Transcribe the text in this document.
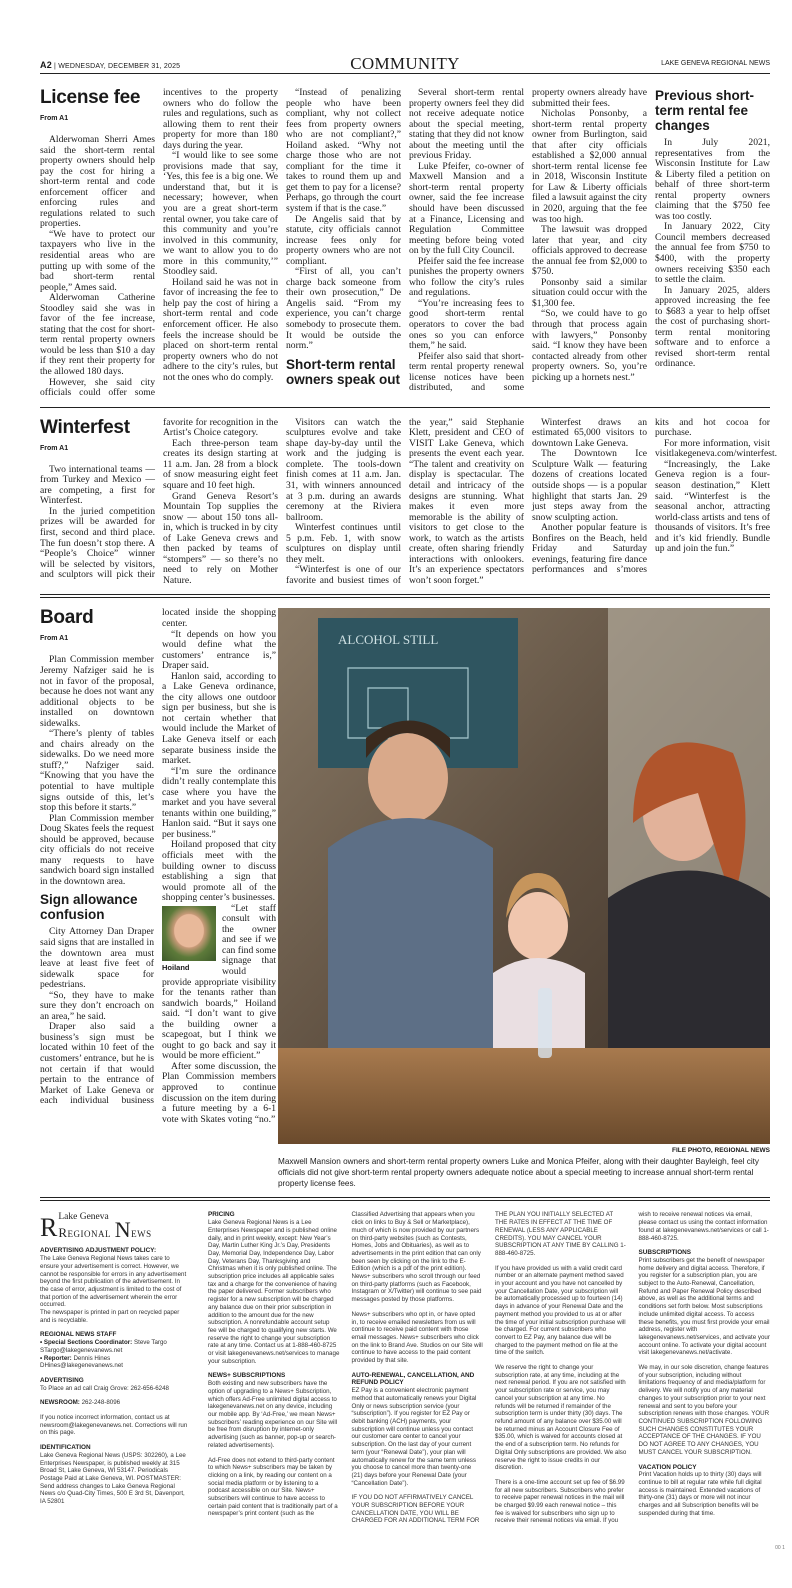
A2 | WEDNESDAY, DECEMBER 31, 2025	COMMUNITY	LAKE GENEVA REGIONAL NEWS
License fee
From A1

Alderwoman Sherri Ames said the short-term rental property owners should help pay the cost for hiring a short-term rental and code enforcement officer and enforcing rules and regulations related to such properties.

“We have to protect our taxpayers who live in the residential areas who are putting up with some of the bad short-term rental people,” Ames said.

Alderwoman Catherine Stoodley said she was in favor of the fee increase, stating that the cost for short-term rental property owners would be less than $10 a day if they rent their property for the allowed 180 days.

However, she said city officials could offer some incentives to the property owners who do follow the rules and regulations, such as allowing them to rent their property for more than 180 days during the year.

“I would like to see some provisions made that say, ‘Yes, this fee is a big one. We understand that, but it is necessary; however, when you are a great short-term rental owner, you take care of this community and you’re involved in this community, we want to allow you to do more in this community,’” Stoodley said.

Hoiland said he was not in favor of increasing the fee to help pay the cost of hiring a short-term rental and code enforcement officer. He also feels the increase should be placed on short-term rental property owners who do not adhere to the city’s rules, but not the ones who do comply.

“Instead of penalizing people who have been compliant, why not collect fees from property owners who are not compliant?,” Hoiland asked. “Why not charge those who are not compliant for the time it takes to round them up and get them to pay for a license? Perhaps, go through the court system if that is the case.”

De Angelis said that by statute, city officials cannot increase fees only for property owners who are not compliant.

“First of all, you can’t charge back someone from their own prosecution,” De Angelis said. “From my experience, you can’t charge somebody to prosecute them. It would be outside the norm.”

Short-term rental owners speak out

Several short-term rental property owners feel they did not receive adequate notice about the special meeting, stating that they did not know about the meeting until the previous Friday.

Luke Pfeifer, co-owner of Maxwell Mansion and a short-term rental property owner, said the fee increase should have been discussed at a Finance, Licensing and Regulation Committee meeting before being voted on by the full City Council.

Pfeifer said the fee increase punishes the property owners who follow the city’s rules and regulations.

“You’re increasing fees to good short-term rental operators to cover the bad ones so you can enforce them,” he said.

Pfeifer also said that short-term rental property renewal license notices have been distributed, and some property owners already have submitted their fees.

Nicholas Ponsonby, a short-term rental property owner from Burlington, said that after city officials established a $2,000 annual short-term rental license fee in 2018, Wisconsin Institute for Law & Liberty officials filed a lawsuit against the city in 2020, arguing that the fee was too high.

The lawsuit was dropped later that year, and city officials approved to decrease the annual fee from $2,000 to $750.

Ponsonby said a similar situation could occur with the $1,300 fee.

“So, we could have to go through that process again with lawyers,” Ponsonby said. “I know they have been contacted already from other property owners. So, you’re picking up a hornets nest.”

Previous short-term rental fee changes

In July 2021, representatives from the Wisconsin Institute for Law & Liberty filed a petition on behalf of three short-term rental property owners claiming that the $750 fee was too costly.

In January 2022, City Council members decreased the annual fee from $750 to $400, with the property owners receiving $350 each to settle the claim.

In January 2025, alders approved increasing the fee to $683 a year to help offset the cost of purchasing short-term rental monitoring software and to enforce a revised short-term rental ordinance.

Winterfest
From A1

Two international teams — from Turkey and Mexico — are competing, a first for Winterfest.

In the juried competition prizes will be awarded for first, second and third place. The fun doesn’t stop there. A “People’s Choice” winner will be selected by visitors, and sculptors will pick their favorite for recognition in the Artist’s Choice category.

Each three-person team creates its design starting at 11 a.m. Jan. 28 from a block of snow measuring eight feet square and 10 feet high.

Grand Geneva Resort’s Mountain Top supplies the snow — about 150 tons all-in, which is trucked in by city of Lake Geneva crews and then packed by teams of “stompers” — so there’s no need to rely on Mother Nature.

Visitors can watch the sculptures evolve and take shape day-by-day until the work and the judging is complete. The tools-down finish comes at 11 a.m. Jan. 31, with winners announced at 3 p.m. during an awards ceremony at the Riviera ballroom.

Winterfest continues until 5 p.m. Feb. 1, with snow sculptures on display until they melt.

“Winterfest is one of our favorite and busiest times of the year,” said Stephanie Klett, president and CEO of VISIT Lake Geneva, which presents the event each year. “The talent and creativity on display is spectacular. The detail and intricacy of the designs are stunning. What makes it even more memorable is the ability of visitors to get close to the work, to watch as the artists create, often sharing friendly interactions with onlookers. It’s an experience spectators won’t soon forget.”

Winterfest draws an estimated 65,000 visitors to downtown Lake Geneva.

The Downtown Ice Sculpture Walk — featuring dozens of creations located outside shops — is a popular highlight that starts Jan. 29 just steps away from the snow sculpting action.

Another popular feature is Bonfires on the Beach, held Friday and Saturday evenings, featuring fire dance performances and s’mores kits and hot cocoa for purchase.

For more information, visit visitlakegeneva.com/winterfest.

“Increasingly, the Lake Geneva region is a four-season destination,” Klett said. “Winterfest is the seasonal anchor, attracting world-class artists and tens of thousands of visitors. It’s free and it’s kid friendly. Bundle up and join the fun.”

Board
From A1

Plan Commission member Jeremy Nafziger said he is not in favor of the proposal, because he does not want any additional objects to be installed on downtown sidewalks.

“There’s plenty of tables and chairs already on the sidewalks. Do we need more stuff?,” Nafziger said. “Knowing that you have the potential to have multiple signs outside of this, let’s stop this before it starts.”

Plan Commission member Doug Skates feels the request should be approved, because city officials do not receive many requests to have sandwich board sign installed in the downtown area.

Sign allowance confusion

City Attorney Dan Draper said signs that are installed in the downtown area must leave at least five feet of sidewalk space for pedestrians.

“So, they have to make sure they don’t encroach on an area,” he said.

Draper also said a business’s sign must be located within 10 feet of the customers’ entrance, but he is not certain if that would pertain to the entrance of Market of Lake Geneva or each individual business located inside the shopping center.

“It depends on how you would define what the customers’ entrance is,” Draper said.

Hanlon said, according to a Lake Geneva ordinance, the city allows one outdoor sign per business, but she is not certain whether that would include the Market of Lake Geneva itself or each separate business inside the market.

“I’m sure the ordinance didn’t really contemplate this case where you have the market and you have several tenants within one building,” Hanlon said. “But it says one per business.”

Hoiland proposed that city officials meet with the building owner to discuss establishing a sign that would promote all of the shopping center’s businesses.

Hoiland

“Let staff consult with the owner and see if we can find some signage that would provide appropriate visibility for the tenants rather than sandwich boards,” Hoiland said. “I don’t want to give the building owner a scapegoat, but I think we ought to go back and say it would be more efficient.”

After some discussion, the Plan Commission members approved to continue discussion on the item during a future meeting by a 6-1 vote with Skates voting “no.”

ALCOHOL STILL
FILE PHOTO, REGIONAL NEWS
Maxwell Mansion owners and short-term rental property owners Luke and Monica Pfeifer, along with their daughter Bayleigh, feel city officials did not give short-term rental property owners adequate notice about a special meeting to increase annual short-term rental property license fees.
R Lake Geneva
Regional News
ADVERTISING ADJUSTMENT POLICY:

The Lake Geneva Regional News takes care to ensure your advertisement is correct. However, we cannot be responsible for errors in any advertisement beyond the first publication of the advertisement. In the case of error, adjustment is limited to the cost of that portion of the advertisement wherein the error occurred.

The newspaper is printed in part on recycled paper and is recyclable.

REGIONAL NEWS STAFF

• Special Sections Coordinator: Steve Targo STargo@lakegenevanews.net

• Reporter: Dennis Hines DHines@lakegenevanews.net

ADVERTISING

To Place an ad call Craig Grove: 262-656-6248

NEWSROOM: 262-248-8096

If you notice incorrect information, contact us at newsroom@lakegenevanews.net. Corrections will run on this page.

IDENTIFICATION

Lake Geneva Regional News (USPS: 302260), a Lee Enterprises Newspaper, is published weekly at 315 Broad St, Lake Geneva, WI 53147. Periodicals Postage Paid at Lake Geneva, WI. POSTMASTER: Send address changes to Lake Geneva Regional News c/o Quad-City Times, 500 E 3rd St, Davenport, IA 52801

PRICING

Lake Geneva Regional News is a Lee Enterprises Newspaper and is published online daily, and in print weekly, except: New Year’s Day, Martin Luther King Jr.’s Day, Presidents Day, Memorial Day, Independence Day, Labor Day, Veterans Day, Thanksgiving and Christmas when it is only published online. The subscription price includes all applicable sales tax and a charge for the convenience of having the paper delivered. Former subscribers who register for a new subscription will be charged any balance due on their prior subscription in addition to the amount due for the new subscription. A nonrefundable account setup fee will be charged to qualifying new starts. We reserve the right to change your subscription rate at any time. Contact us at 1-888-460-8725 or visit lakegenevanews.net/services to manage your subscription.

NEWS+ SUBSCRIPTIONS

Both existing and new subscribers have the option of upgrading to a News+ Subscription, which offers Ad-Free unlimited digital access to lakegenevanews.net on any device, including our mobile app. By ‘Ad-Free,’ we mean News+ subscribers’ reading experience on our Site will be free from disruption by internet-only advertising (such as banner, pop-up or search-related advertisements).

Ad-Free does not extend to third-party content to which News+ subscribers may be taken by clicking on a link, by reading our content on a social media platform or by listening to a podcast accessible on our Site. News+ subscribers will continue to have access to certain paid content that is traditionally part of a newspaper’s print content (such as the Classified Advertising that appears when you click on links to Buy & Sell or Marketplace), much of which is now provided by our partners on third-party websites (such as Contests, Homes, Jobs and Obituaries), as well as to advertisements in the print edition that can only been seen by clicking on the link to the E-Edition (which is a pdf of the print edition). News+ subscribers who scroll through our feed on third-party platforms (such as Facebook, Instagram or X/Twitter) will continue to see paid messages posted by those platforms.

News+ subscribers who opt in, or have opted in, to receive emailed newsletters from us will continue to receive paid content with those email messages. News+ subscribers who click on the link to Brand Ave. Studios on our Site will continue to have access to the paid content provided by that site.

AUTO-RENEWAL, CANCELLATION, AND REFUND POLICY

EZ Pay is a convenient electronic payment method that automatically renews your Digital Only or news subscription service (your “subscription”). If you register for EZ Pay or debit banking (ACH) payments, your subscription will continue unless you contact our customer care center to cancel your subscription. On the last day of your current term (your “Renewal Date”), your plan will automatically renew for the same term unless you choose to cancel more than twenty-one (21) days before your Renewal Date (your “Cancellation Date”).

IF YOU DO NOT AFFIRMATIVELY CANCEL YOUR SUBSCRIPTION BEFORE YOUR CANCELLATION DATE, YOU WILL BE CHARGED FOR AN ADDITIONAL TERM FOR THE PLAN YOU INITIALLY SELECTED AT THE RATES IN EFFECT AT THE TIME OF RENEWAL (LESS ANY APPLICABLE CREDITS). YOU MAY CANCEL YOUR SUBSCRIPTION AT ANY TIME BY CALLING 1-888-460-8725.

If you have provided us with a valid credit card number or an alternate payment method saved in your account and you have not cancelled by your Cancellation Date, your subscription will be automatically processed up to fourteen (14) days in advance of your Renewal Date and the payment method you provided to us at or after the time of your initial subscription purchase will be charged. For current subscribers who convert to EZ Pay, any balance due will be charged to the payment method on file at the time of the switch.

We reserve the right to change your subscription rate, at any time, including at the next renewal period. If you are not satisfied with your subscription rate or service, you may cancel your subscription at any time. No refunds will be returned if remainder of the subscription term is under thirty (30) days. The refund amount of any balance over $35.00 will be returned minus an Account Closure Fee of $35.00, which is waived for accounts closed at the end of a subscription term. No refunds for Digital Only subscriptions are provided. We also reserve the right to issue credits in our discretion.

There is a one-time account set up fee of $6.99 for all new subscribers. Subscribers who prefer to receive paper renewal notices in the mail will be charged $9.99 each renewal notice – this fee is waived for subscribers who sign up to receive their renewal notices via email. If you wish to receive renewal notices via email, please contact us using the contact information found at lakegenevanews.net/services or call 1-888-460-8725.

SUBSCRIPTIONS

Print subscribers get the benefit of newspaper home delivery and digital access. Therefore, if you register for a subscription plan, you are subject to the Auto-Renewal, Cancellation, Refund and Paper Renewal Policy described above, as well as the additional terms and conditions set forth below. Most subscriptions include unlimited digital access. To access these benefits, you must first provide your email address, register with lakegenevanews.net/services, and activate your account online. To activate your digital account visit lakegenevanews.net/activate.

We may, in our sole discretion, change features of your subscription, including without limitations frequency of and media/platform for delivery. We will notify you of any material changes to your subscription prior to your next renewal and sent to you before your subscription renews with those changes. YOUR CONTINUED SUBSCRIPTION FOLLOWING SUCH CHANGES CONSTITUTES YOUR ACCEPTANCE OF THE CHANGES. IF YOU DO NOT AGREE TO ANY CHANGES, YOU MUST CANCEL YOUR SUBSCRIPTION.

VACATION POLICY

Print Vacation holds up to thirty (30) days will continue to bill at regular rate while full digital access is maintained. Extended vacations of thirty-one (31) days or more will not incur charges and all Subscription benefits will be suspended during that time.

00 1
